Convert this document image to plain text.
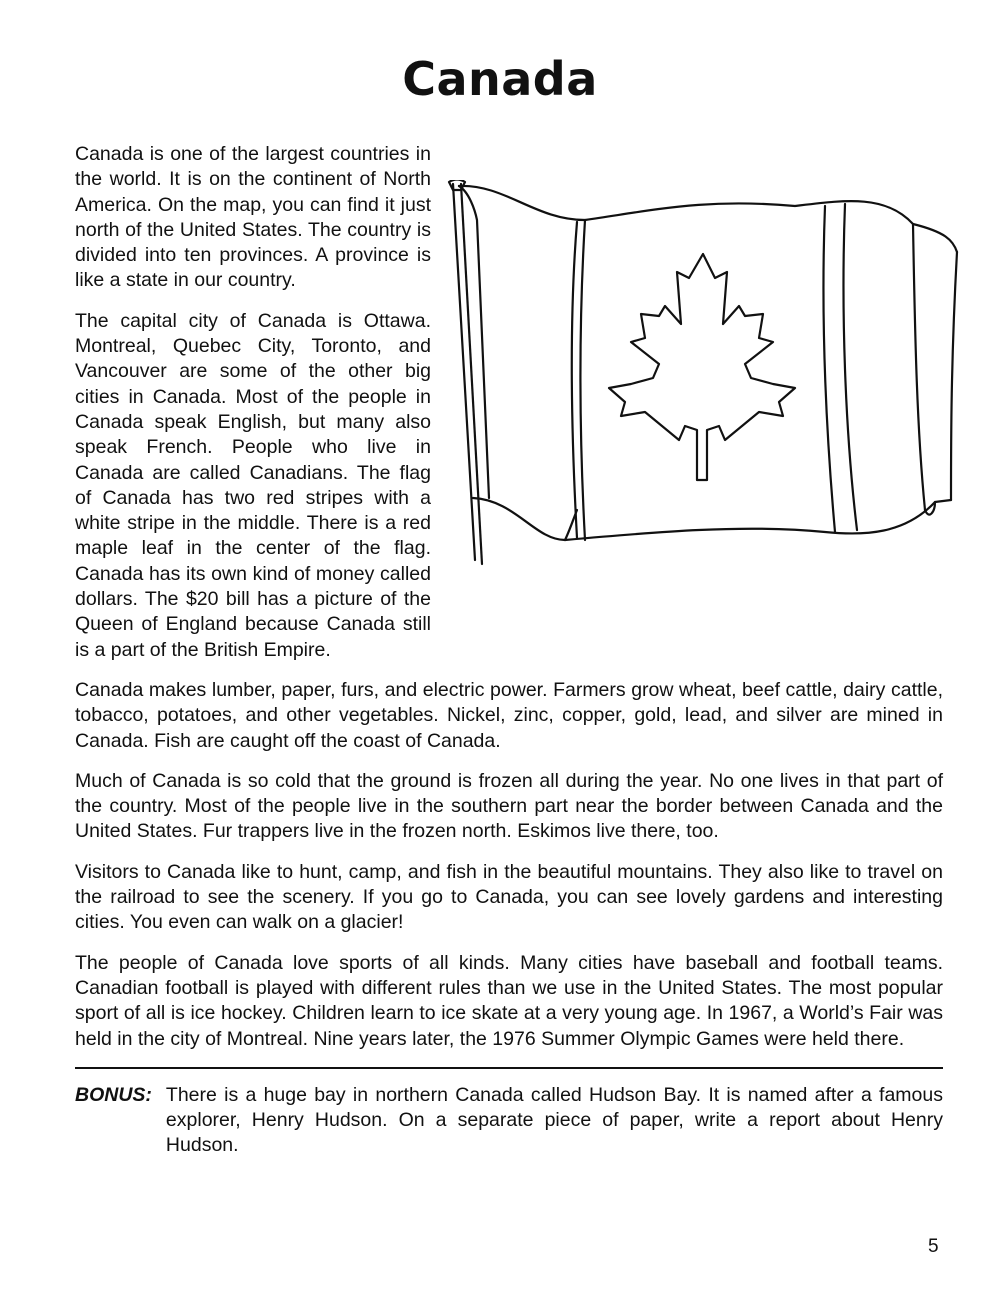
Canada

Canada is one of the largest countries in the world. It is on the continent of North America. On the map, you can find it just north of the United States. The country is divided into ten provinces. A province is like a state in our country.

The capital city of Canada is Ottawa. Montreal, Quebec City, Toronto, and Vancouver are some of the other big cities in Canada. Most of the people in Canada speak English, but many also speak French. People who live in Canada are called Canadians. The flag of Canada has two red stripes with a white stripe in the middle. There is a red maple leaf in the center of the flag. Canada has its own kind of money called dollars. The $20 bill has a picture of the Queen of England because Canada still is a part of the British Empire.

Canada makes lumber, paper, furs, and electric power. Farmers grow wheat, beef cattle, dairy cattle, tobacco, potatoes, and other vegetables. Nickel, zinc, copper, gold, lead, and silver are mined in Canada. Fish are caught off the coast of Canada.

Much of Canada is so cold that the ground is frozen all during the year. No one lives in that part of the country. Most of the people live in the southern part near the border between Canada and the United States. Fur trappers live in the frozen north. Eskimos live there, too.

Visitors to Canada like to hunt, camp, and fish in the beautiful mountains. They also like to travel on the railroad to see the scenery. If you go to Canada, you can see lovely gardens and interesting cities. You even can walk on a glacier!

The people of Canada love sports of all kinds. Many cities have baseball and football teams. Canadian football is played with different rules than we use in the United States. The most popular sport of all is ice hockey. Children learn to ice skate at a very young age. In 1967, a World’s Fair was held in the city of Montreal. Nine years later, the 1976 Summer Olympic Games were held there.

BONUS: There is a huge bay in northern Canada called Hudson Bay. It is named after a famous explorer, Henry Hudson. On a separate piece of paper, write a report about Henry Hudson.
5
